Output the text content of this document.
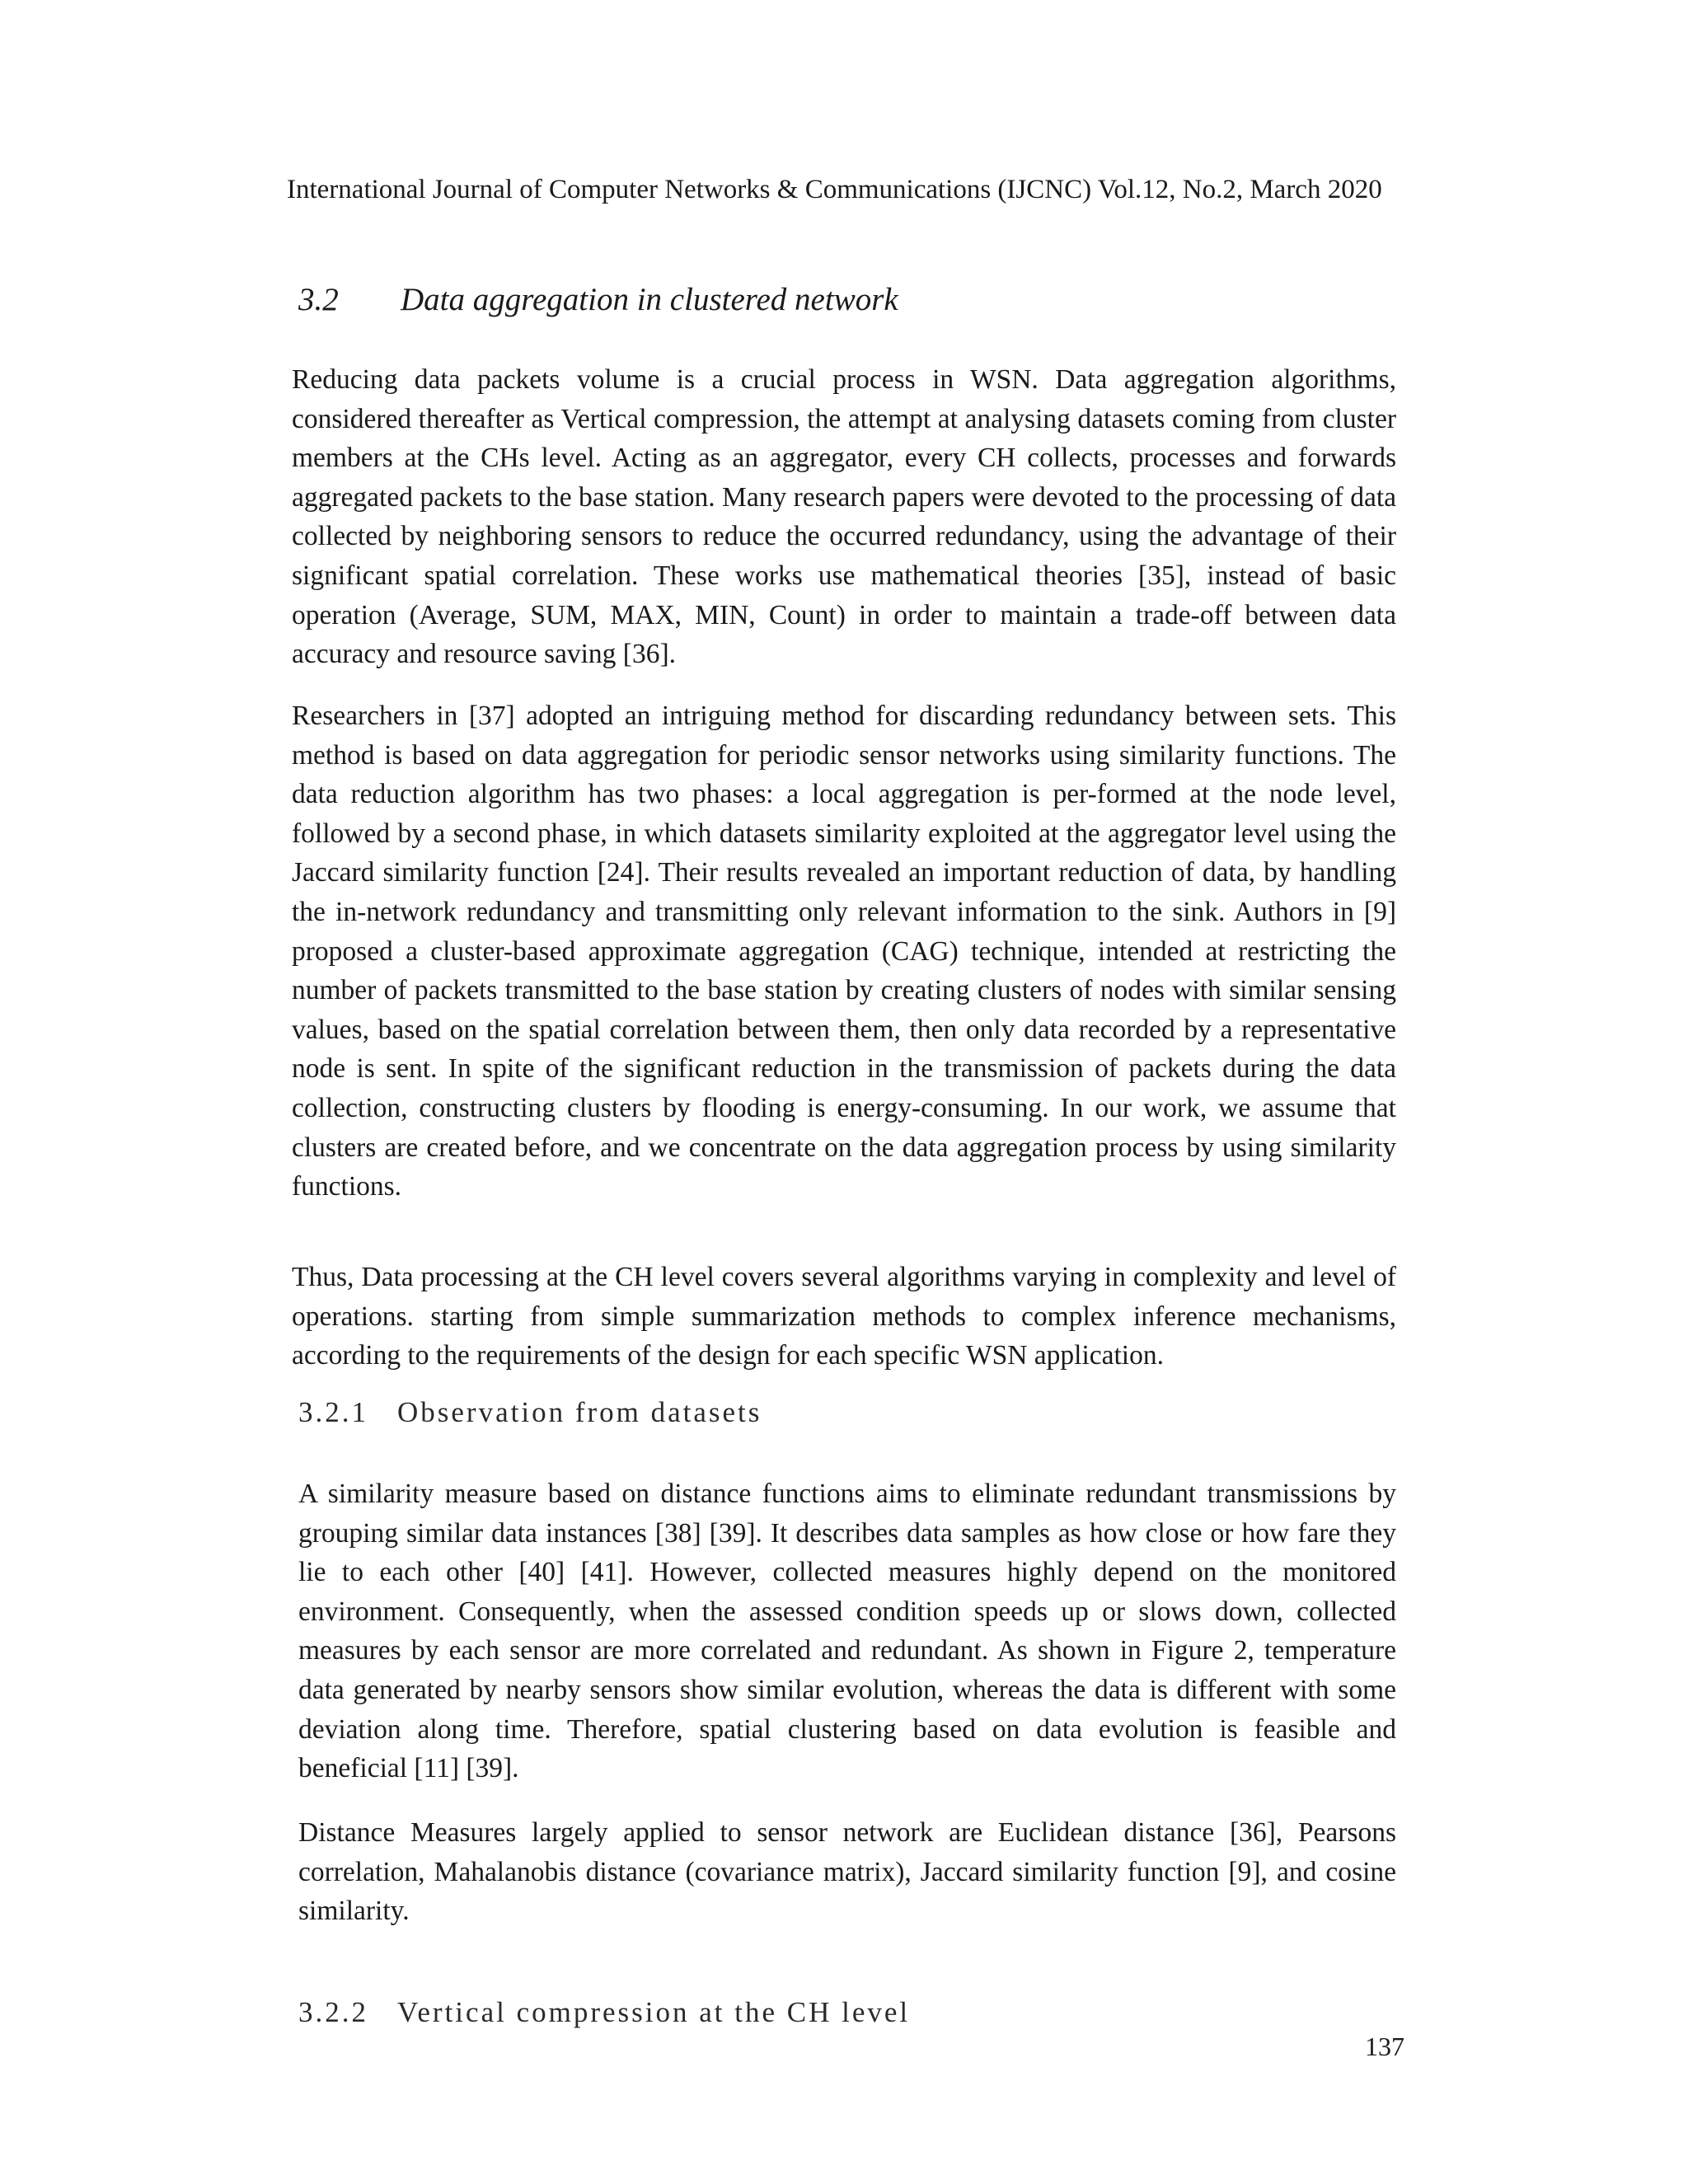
International Journal of Computer Networks & Communications (IJCNC) Vol.12, No.2, March 2020
3.2 Data aggregation in clustered network

Reducing data packets volume is a crucial process in WSN. Data aggregation algorithms, considered thereafter as Vertical compression, the attempt at analysing datasets coming from cluster members at the CHs level. Acting as an aggregator, every CH collects, processes and forwards aggregated packets to the base station. Many research papers were devoted to the processing of data collected by neighboring sensors to reduce the occurred redundancy, using the advantage of their significant spatial correlation. These works use mathematical theories [35], instead of basic operation (Average, SUM, MAX, MIN, Count) in order to maintain a trade-off between data accuracy and resource saving [36].

Researchers in [37] adopted an intriguing method for discarding redundancy between sets. This method is based on data aggregation for periodic sensor networks using similarity functions. The data reduction algorithm has two phases: a local aggregation is per-formed at the node level, followed by a second phase, in which datasets similarity exploited at the aggregator level using the Jaccard similarity function [24]. Their results revealed an important reduction of data, by handling the in-network redundancy and transmitting only relevant information to the sink. Authors in [9] proposed a cluster-based approximate aggregation (CAG) technique, intended at restricting the number of packets transmitted to the base station by creating clusters of nodes with similar sensing values, based on the spatial correlation between them, then only data recorded by a representative node is sent. In spite of the significant reduction in the transmission of packets during the data collection, constructing clusters by flooding is energy-consuming. In our work, we assume that clusters are created before, and we concentrate on the data aggregation process by using similarity functions.

Thus, Data processing at the CH level covers several algorithms varying in complexity and level of operations. starting from simple summarization methods to complex inference mechanisms, according to the requirements of the design for each specific WSN application.

3.2.1 Observation from datasets

A similarity measure based on distance functions aims to eliminate redundant transmissions by grouping similar data instances [38] [39]. It describes data samples as how close or how fare they lie to each other [40] [41]. However, collected measures highly depend on the monitored environment. Consequently, when the assessed condition speeds up or slows down, collected measures by each sensor are more correlated and redundant. As shown in Figure 2, temperature data generated by nearby sensors show similar evolution, whereas the data is different with some deviation along time. Therefore, spatial clustering based on data evolution is feasible and beneficial [11] [39].

Distance Measures largely applied to sensor network are Euclidean distance [36], Pearsons correlation, Mahalanobis distance (covariance matrix), Jaccard similarity function [9], and cosine similarity.

3.2.2 Vertical compression at the CH level
137
